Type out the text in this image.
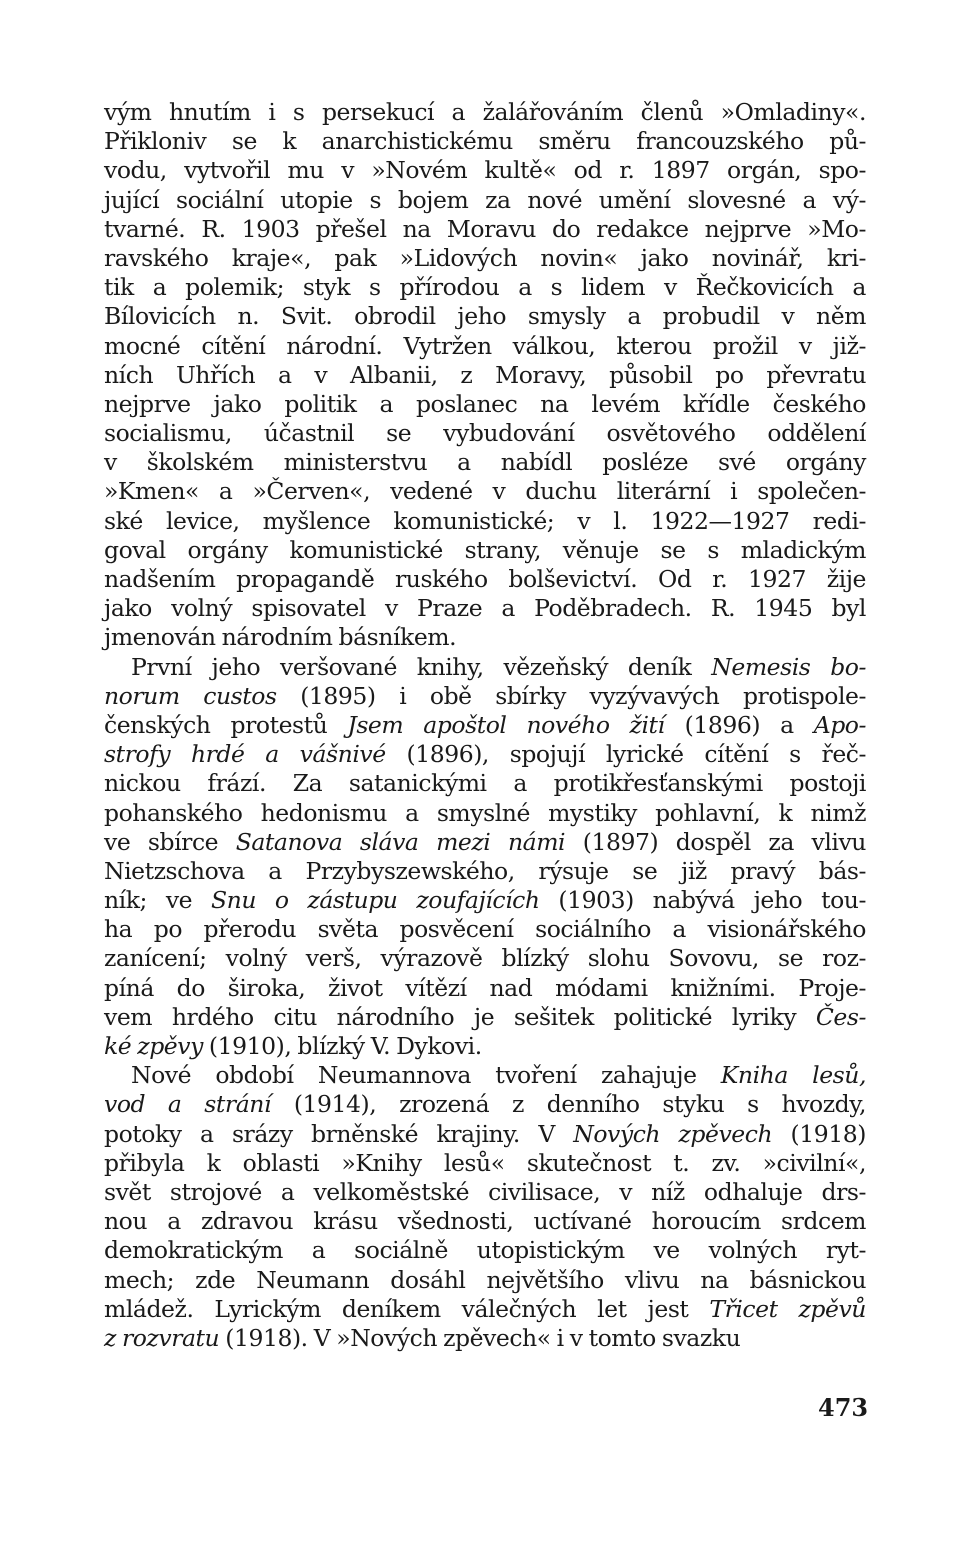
vým hnutím i s persekucí a žalářováním členů »Omladiny«.
Přikloniv se k anarchistickému směru francouzského pů-
vodu, vytvořil mu v »Novém kultě« od r. 1897 orgán, spo-
jující sociální utopie s bojem za nové umění slovesné a vý-
tvarné. R. 1903 přešel na Moravu do redakce nejprve »Mo-
ravského kraje«, pak »Lidových novin« jako novinář, kri-
tik a polemik; styk s přírodou a s lidem v Řečkovicích a
Bílovicích n. Svit. obrodil jeho smysly a probudil v něm
mocné cítění národní. Vytržen válkou, kterou prožil v již-
ních Uhřích a v Albanii, z Moravy, působil po převratu
nejprve jako politik a poslanec na levém křídle českého
socialismu, účastnil se vybudování osvětového oddělení
v školském ministerstvu a nabídl posléze své orgány
»Kmen« a »Červen«, vedené v duchu literární i společen-
ské levice, myšlence komunistické; v l. 1922—1927 redi-
goval orgány komunistické strany, věnuje se s mladickým
nadšením propagandě ruského bolševictví. Od r. 1927 žije
jako volný spisovatel v Praze a Poděbradech. R. 1945 byl
jmenován národním básníkem.
První jeho veršované knihy, vězeňský deník Nemesis bo-
norum custos (1895) i obě sbírky vyzývavých protispole-
čenských protestů Jsem apoštol nového žití (1896) a Apo-
strofy hrdé a vášnivé (1896), spojují lyrické cítění s řeč-
nickou frází. Za satanickými a protikřesťanskými postoji
pohanského hedonismu a smyslné mystiky pohlavní, k nimž
ve sbírce Satanova sláva mezi námi (1897) dospěl za vlivu
Nietzschova a Przybyszewského, rýsuje se již pravý bás-
ník; ve Snu o zástupu zoufajících (1903) nabývá jeho tou-
ha po přerodu světa posvěcení sociálního a visionářského
zanícení; volný verš, výrazově blízký slohu Sovovu, se roz-
píná do široka, život vítězí nad módami knižními. Proje-
vem hrdého citu národního je sešitek politické lyriky Čes-
ké zpěvy (1910), blízký V. Dykovi.
Nové období Neumannova tvoření zahajuje Kniha lesů,
vod a strání (1914), zrozená z denního styku s hvozdy,
potoky a srázy brněnské krajiny. V Nových zpěvech (1918)
přibyla k oblasti »Knihy lesů« skutečnost t. zv. »civilní«,
svět strojové a velkoměstské civilisace, v níž odhaluje drs-
nou a zdravou krásu všednosti, uctívané horoucím srdcem
demokratickým a sociálně utopistickým ve volných ryt-
mech; zde Neumann dosáhl největšího vlivu na básnickou
mládež. Lyrickým deníkem válečných let jest Třicet zpěvů
z rozvratu (1918). V »Nových zpěvech« i v tomto svazku
473
